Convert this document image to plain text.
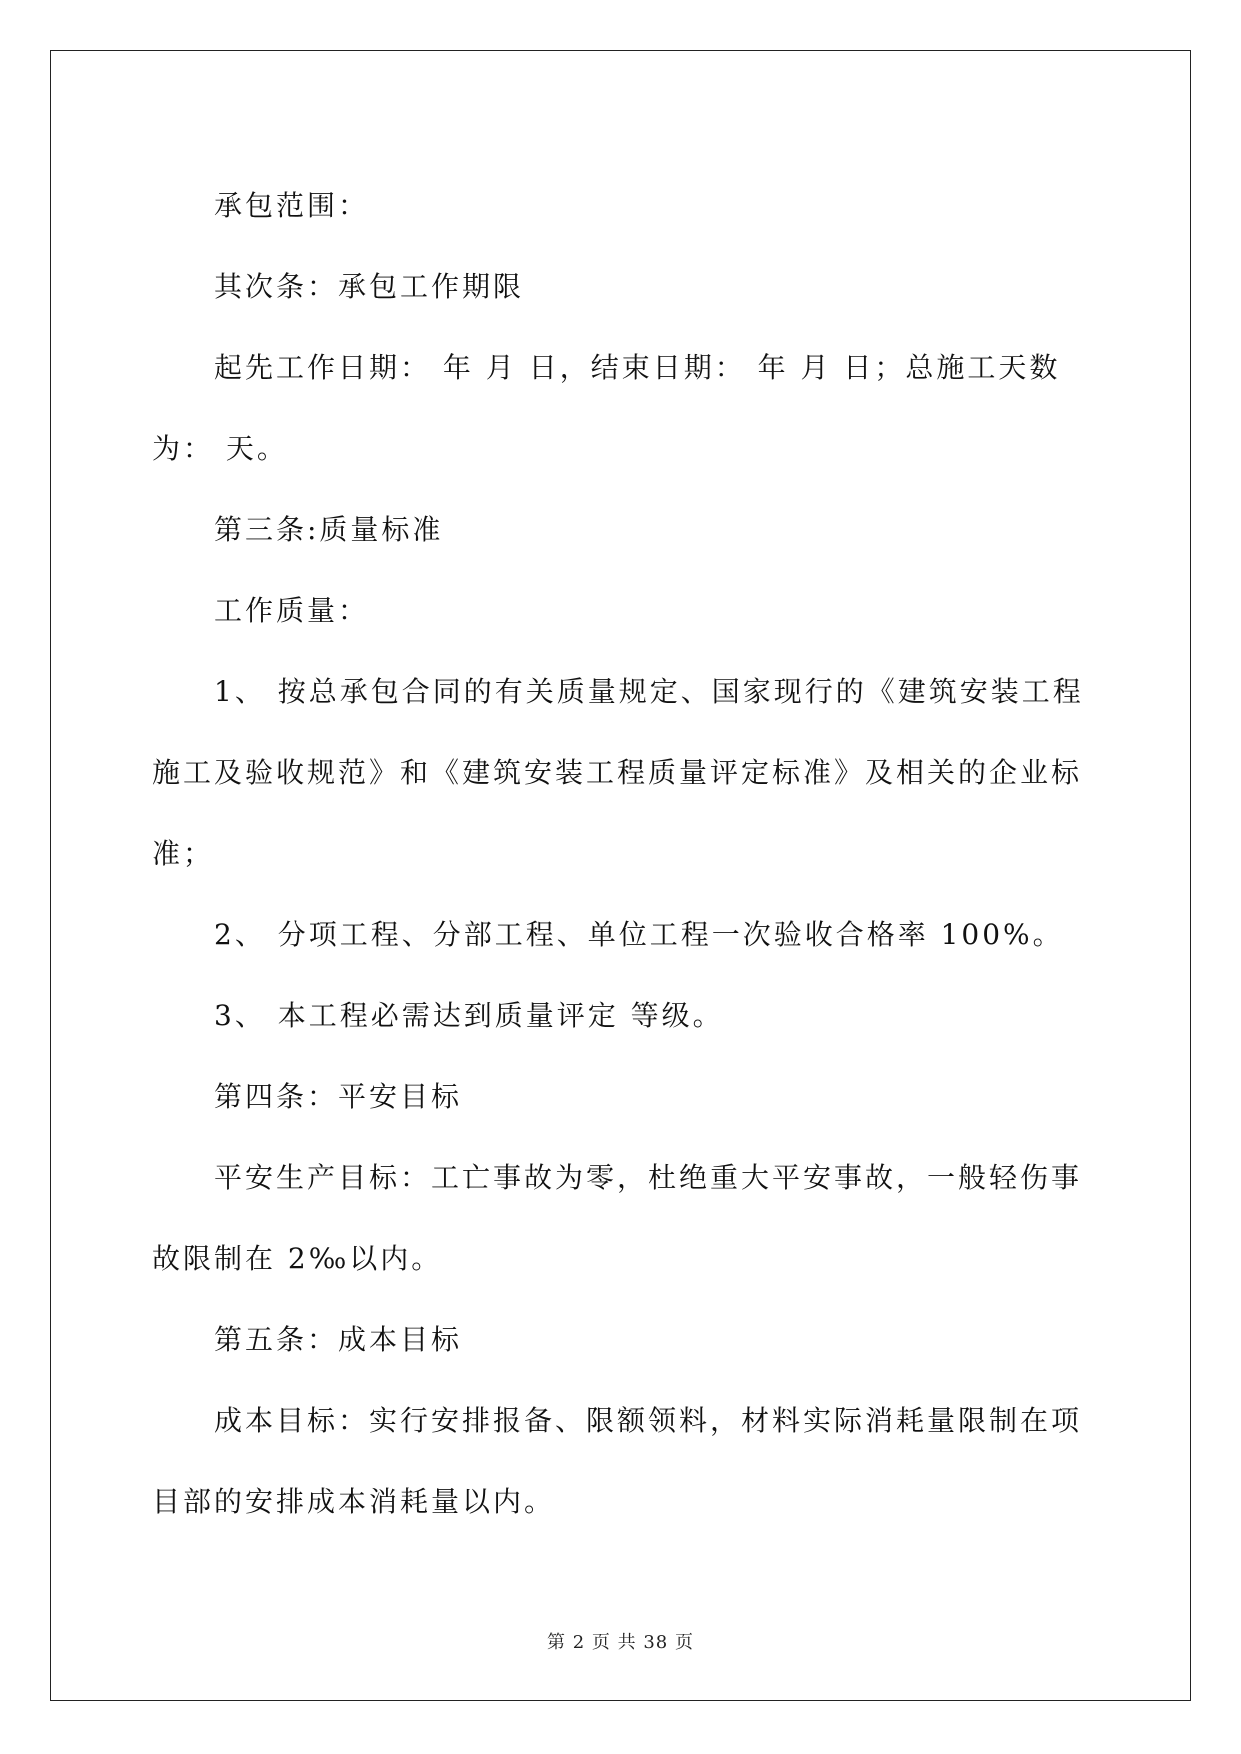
承包范围：

其次条：承包工作期限

起先工作日期： 年 月 日，结束日期： 年 月 日；总施工天数为： 天。

第三条:质量标准

工作质量：

1、 按总承包合同的有关质量规定、国家现行的《建筑安装工程施工及验收规范》和《建筑安装工程质量评定标准》及相关的企业标准；

2、 分项工程、分部工程、单位工程一次验收合格率 100%。

3、 本工程必需达到质量评定 等级。

第四条：平安目标

平安生产目标：工亡事故为零，杜绝重大平安事故，一般轻伤事故限制在 2‰以内。

第五条：成本目标

成本目标：实行安排报备、限额领料，材料实际消耗量限制在项目部的安排成本消耗量以内。

第 2 页 共 38 页
